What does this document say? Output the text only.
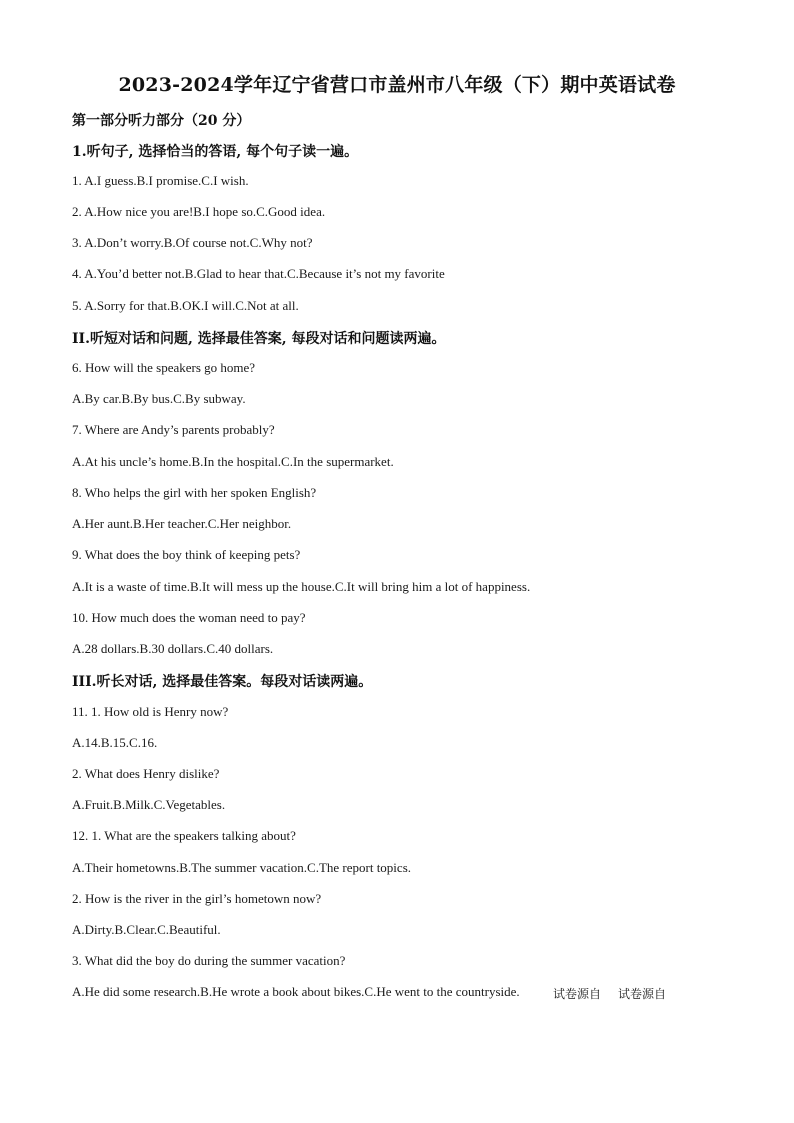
2023-2024学年辽宁省营口市盖州市八年级（下）期中英语试卷
第一部分听力部分（20 分）
1.听句子, 选择恰当的答语, 每个句子读一遍。
1. A.I guess.B.I promise.C.I wish.
2. A.How nice you are!B.I hope so.C.Good idea.
3. A.Don’t worry.B.Of course not.C.Why not?
4. A.You’d better not.B.Glad to hear that.C.Because it’s not my favorite
5. A.Sorry for that.B.OK.I will.C.Not at all.
II.听短对话和问题, 选择最佳答案, 每段对话和问题读两遍。
6. How will the speakers go home?
A.By car.B.By bus.C.By subway.
7. Where are Andy’s parents probably?
A.At his uncle’s home.B.In the hospital.C.In the supermarket.
8. Who helps the girl with her spoken English?
A.Her aunt.B.Her teacher.C.Her neighbor.
9. What does the boy think of keeping pets?
A.It is a waste of time.B.It will mess up the house.C.It will bring him a lot of happiness.
10. How much does the woman need to pay?
A.28 dollars.B.30 dollars.C.40 dollars.
III.听长对话, 选择最佳答案。每段对话读两遍。
11. 1. How old is Henry now?
A.14.B.15.C.16.
2. What does Henry dislike?
A.Fruit.B.Milk.C.Vegetables.
12. 1. What are the speakers talking about?
A.Their hometowns.B.The summer vacation.C.The report topics.
2. How is the river in the girl’s hometown now?
A.Dirty.B.Clear.C.Beautiful.
3. What did the boy do during the summer vacation?
A.He did some research.B.He wrote a book about bikes.C.He went to the countryside.	试卷源自 试卷源自
